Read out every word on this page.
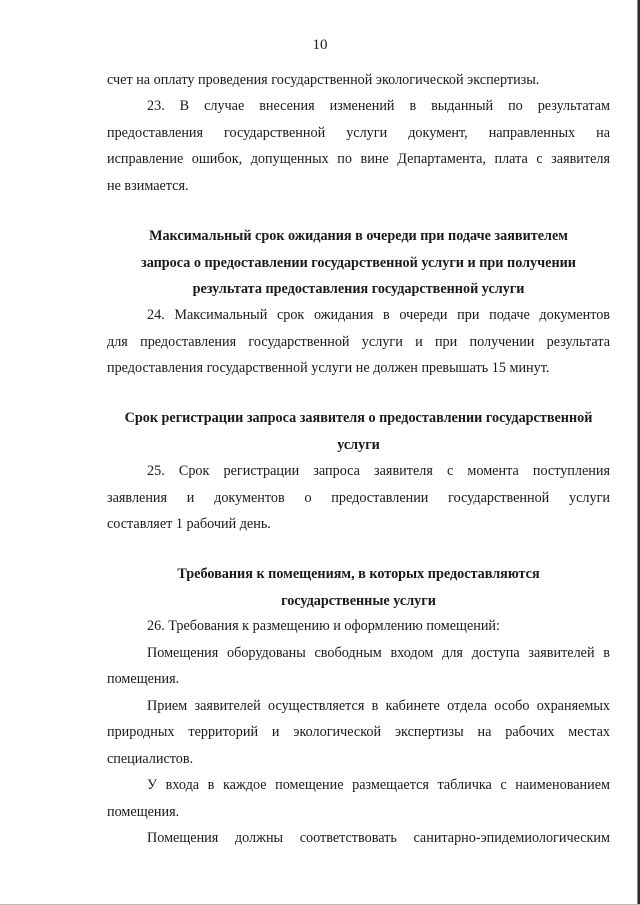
10

счет на оплату проведения государственной экологической экспертизы.

23. В случае внесения изменений в выданный по результатам

предоставления государственной услуги документ, направленных на

исправление ошибок, допущенных по вине Департамента, плата с заявителя

не взимается.

Максимальный срок ожидания в очереди при подаче заявителем

запроса о предоставлении государственной услуги и при получении

результата предоставления государственной услуги

24. Максимальный срок ожидания в очереди при подаче документов

для предоставления государственной услуги и при получении результата

предоставления государственной услуги не должен превышать 15 минут.

Срок регистрации запроса заявителя о предоставлении государственной

услуги

25. Срок регистрации запроса заявителя с момента поступления

заявления и документов о предоставлении государственной услуги

составляет 1 рабочий день.

Требования к помещениям, в которых предоставляются

государственные услуги

26. Требования к размещению и оформлению помещений:

Помещения оборудованы свободным входом для доступа заявителей в

помещения.

Прием заявителей осуществляется в кабинете отдела особо охраняемых

природных территорий и экологической экспертизы на рабочих местах

специалистов.

У входа в каждое помещение размещается табличка с наименованием

помещения.

Помещения должны соответствовать санитарно-эпидемиологическим
